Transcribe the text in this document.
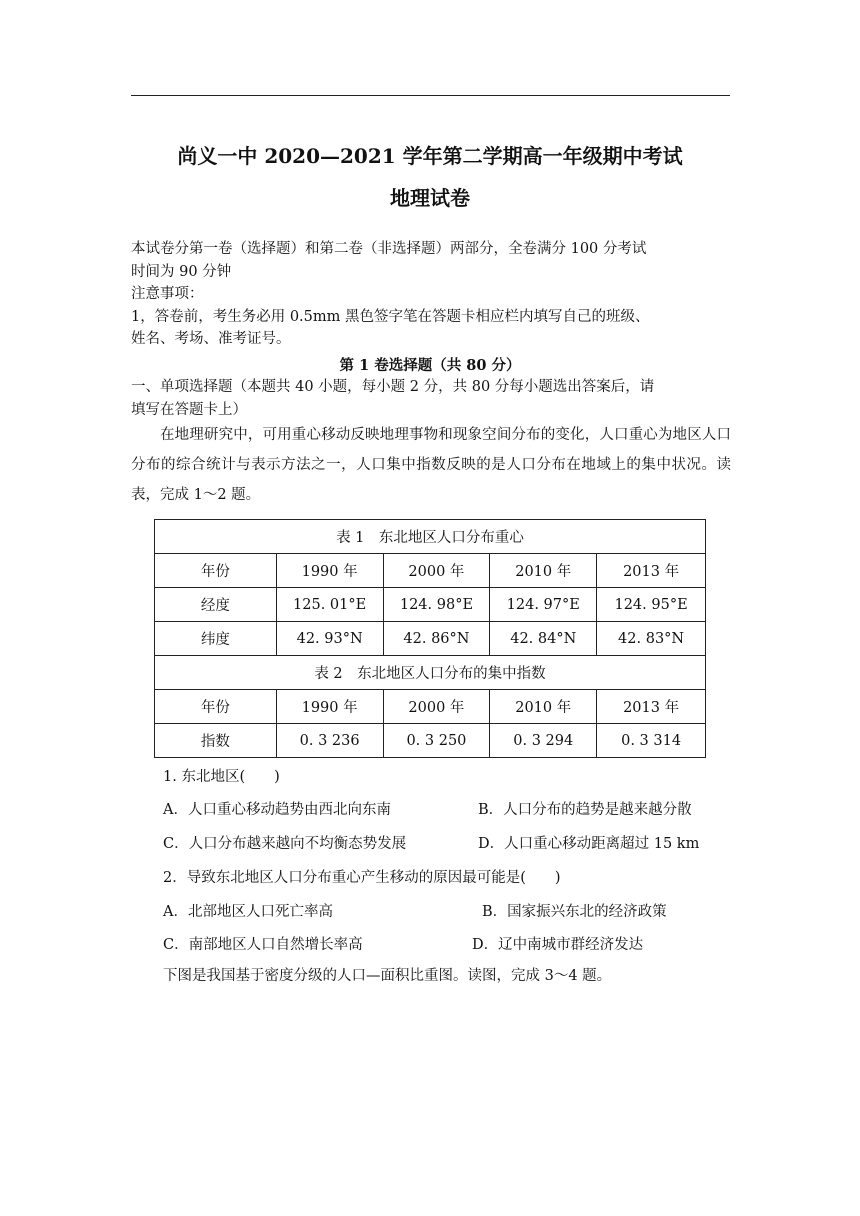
尚义一中 2020—2021 学年第二学期高一年级期中考试
地理试卷
本试卷分第一卷（选择题）和第二卷（非选择题）两部分，全卷满分 100 分考试
时间为 90 分钟
注意事项：
1，答卷前，考生务必用 0.5mm 黑色签字笔在答题卡相应栏内填写自己的班级、
姓名、考场、准考证号。
第 1 卷选择题（共 80 分）
一、单项选择题（本题共 40 小题，每小题 2 分，共 80 分每小题选出答案后，请
填写在答题卡上）
在地理研究中，可用重心移动反映地理事物和现象空间分布的变化，人口重心为地区人口分布的综合统计与表示方法之一，人口集中指数反映的是人口分布在地域上的集中状况。读表，完成 1～2 题。
表 1　东北地区人口分布重心				
年份	1990 年	2000 年	2010 年	2013 年
经度	125. 01°E	124. 98°E	124. 97°E	124. 95°E
纬度	42. 93°N	42. 86°N	42. 84°N	42. 83°N
表 2　东北地区人口分布的集中指数				
年份	1990 年	2000 年	2010 年	2013 年
指数	0. 3 236	0. 3 250	0. 3 294	0. 3 314
1. 东北地区(　　)
A．人口重心移动趋势由西北向东南	B．人口分布的趋势是越来越分散
C．人口分布越来越向不均衡态势发展	D．人口重心移动距离超过 15 km
2．导致东北地区人口分布重心产生移动的原因最可能是(　　)
A．北部地区人口死亡率高	B．国家振兴东北的经济政策
C．南部地区人口自然增长率高	D．辽中南城市群经济发达
下图是我国基于密度分级的人口—面积比重图。读图，完成 3～4 题。
